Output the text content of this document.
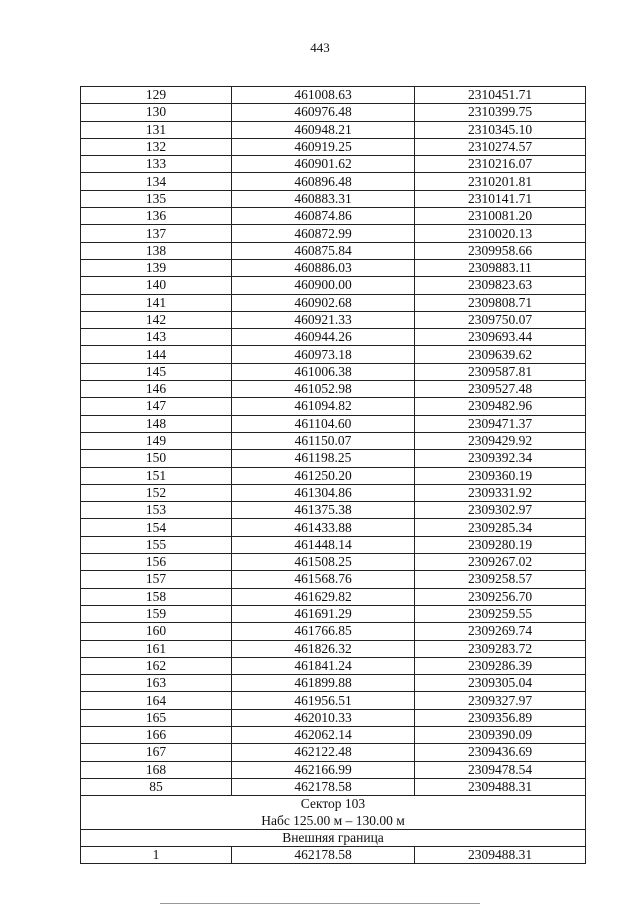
443
129	461008.63	2310451.71
130	460976.48	2310399.75
131	460948.21	2310345.10
132	460919.25	2310274.57
133	460901.62	2310216.07
134	460896.48	2310201.81
135	460883.31	2310141.71
136	460874.86	2310081.20
137	460872.99	2310020.13
138	460875.84	2309958.66
139	460886.03	2309883.11
140	460900.00	2309823.63
141	460902.68	2309808.71
142	460921.33	2309750.07
143	460944.26	2309693.44
144	460973.18	2309639.62
145	461006.38	2309587.81
146	461052.98	2309527.48
147	461094.82	2309482.96
148	461104.60	2309471.37
149	461150.07	2309429.92
150	461198.25	2309392.34
151	461250.20	2309360.19
152	461304.86	2309331.92
153	461375.38	2309302.97
154	461433.88	2309285.34
155	461448.14	2309280.19
156	461508.25	2309267.02
157	461568.76	2309258.57
158	461629.82	2309256.70
159	461691.29	2309259.55
160	461766.85	2309269.74
161	461826.32	2309283.72
162	461841.24	2309286.39
163	461899.88	2309305.04
164	461956.51	2309327.97
165	462010.33	2309356.89
166	462062.14	2309390.09
167	462122.48	2309436.69
168	462166.99	2309478.54
85	462178.58	2309488.31
Сектор 103		
Набс 125.00 м – 130.00 м		
Внешняя граница		
1	462178.58	2309488.31
